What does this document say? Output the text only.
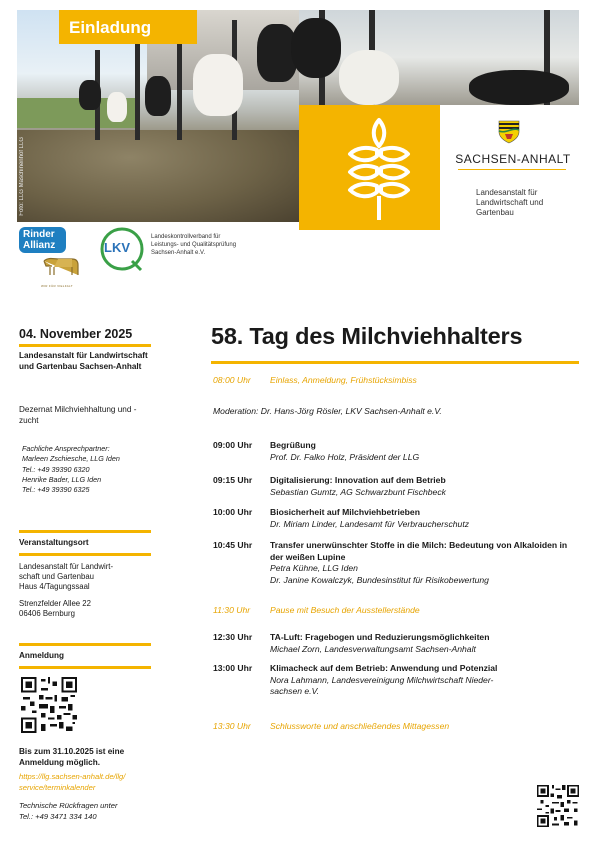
Foto: LLG Maschinenhof LLG
Einladung
SACHSEN-ANHALT
Landesanstalt für Landwirtschaft und Gartenbau
Rinder Allianz
WIR FÜR VIELFALT
LKV
Landeskontrollverband für Leistungs- und Qualitätsprüfung Sachsen-Anhalt e.V.
04. November 2025
Landesanstalt für Landwirtschaft und Gartenbau Sachsen-Anhalt
Dezernat Milchviehhaltung und -zucht
Fachliche Ansprechpartner:
Marleen Zschiesche, LLG Iden
Tel.: +49 39390 6320
Henrike Bader, LLG Iden
Tel.: +49 39390 6325
Veranstaltungsort
Landesanstalt für Landwirt-
schaft und Gartenbau
Haus 4/Tagungssaal
Strenzfelder Allee 22
06406 Bernburg
Anmeldung
Bis zum 31.10.2025 ist eine Anmeldung möglich.
https://llg.sachsen-anhalt.de/llg/
service/terminkalender
Technische Rückfragen unter
Tel.: +49 3471 334 140
58. Tag des Milchviehhalters
08:00 Uhr	Einlass, Anmeldung, Frühstücksimbiss
Moderation: Dr. Hans-Jörg Rösler, LKV Sachsen-Anhalt e.V.
09:00 Uhr	Begrüßung
Prof. Dr. Falko Holz, Präsident der LLG
09:15 Uhr	Digitalisierung: Innovation auf dem Betrieb
Sebastian Gumtz, AG Schwarzbunt Fischbeck
10:00 Uhr	Biosicherheit auf Milchviehbetrieben
Dr. Miriam Linder, Landesamt für Verbraucherschutz
10:45 Uhr	Transfer unerwünschter Stoffe in die Milch: Bedeutung von Alkaloiden in der weißen Lupine
Petra Kühne, LLG Iden
Dr. Janine Kowalczyk, Bundesinstitut für Risikobewertung
11:30 Uhr	Pause mit Besuch der Ausstellerstände
12:30 Uhr	TA-Luft: Fragebogen und Reduzierungsmöglichkeiten
Michael Zorn, Landesverwaltungsamt Sachsen-Anhalt
13:00 Uhr	Klimacheck auf dem Betrieb: Anwendung und Potenzial
Nora Lahmann, Landesvereinigung Milchwirtschaft Nieder-
sachsen e.V.
13:30 Uhr	Schlussworte und anschließendes Mittagessen
